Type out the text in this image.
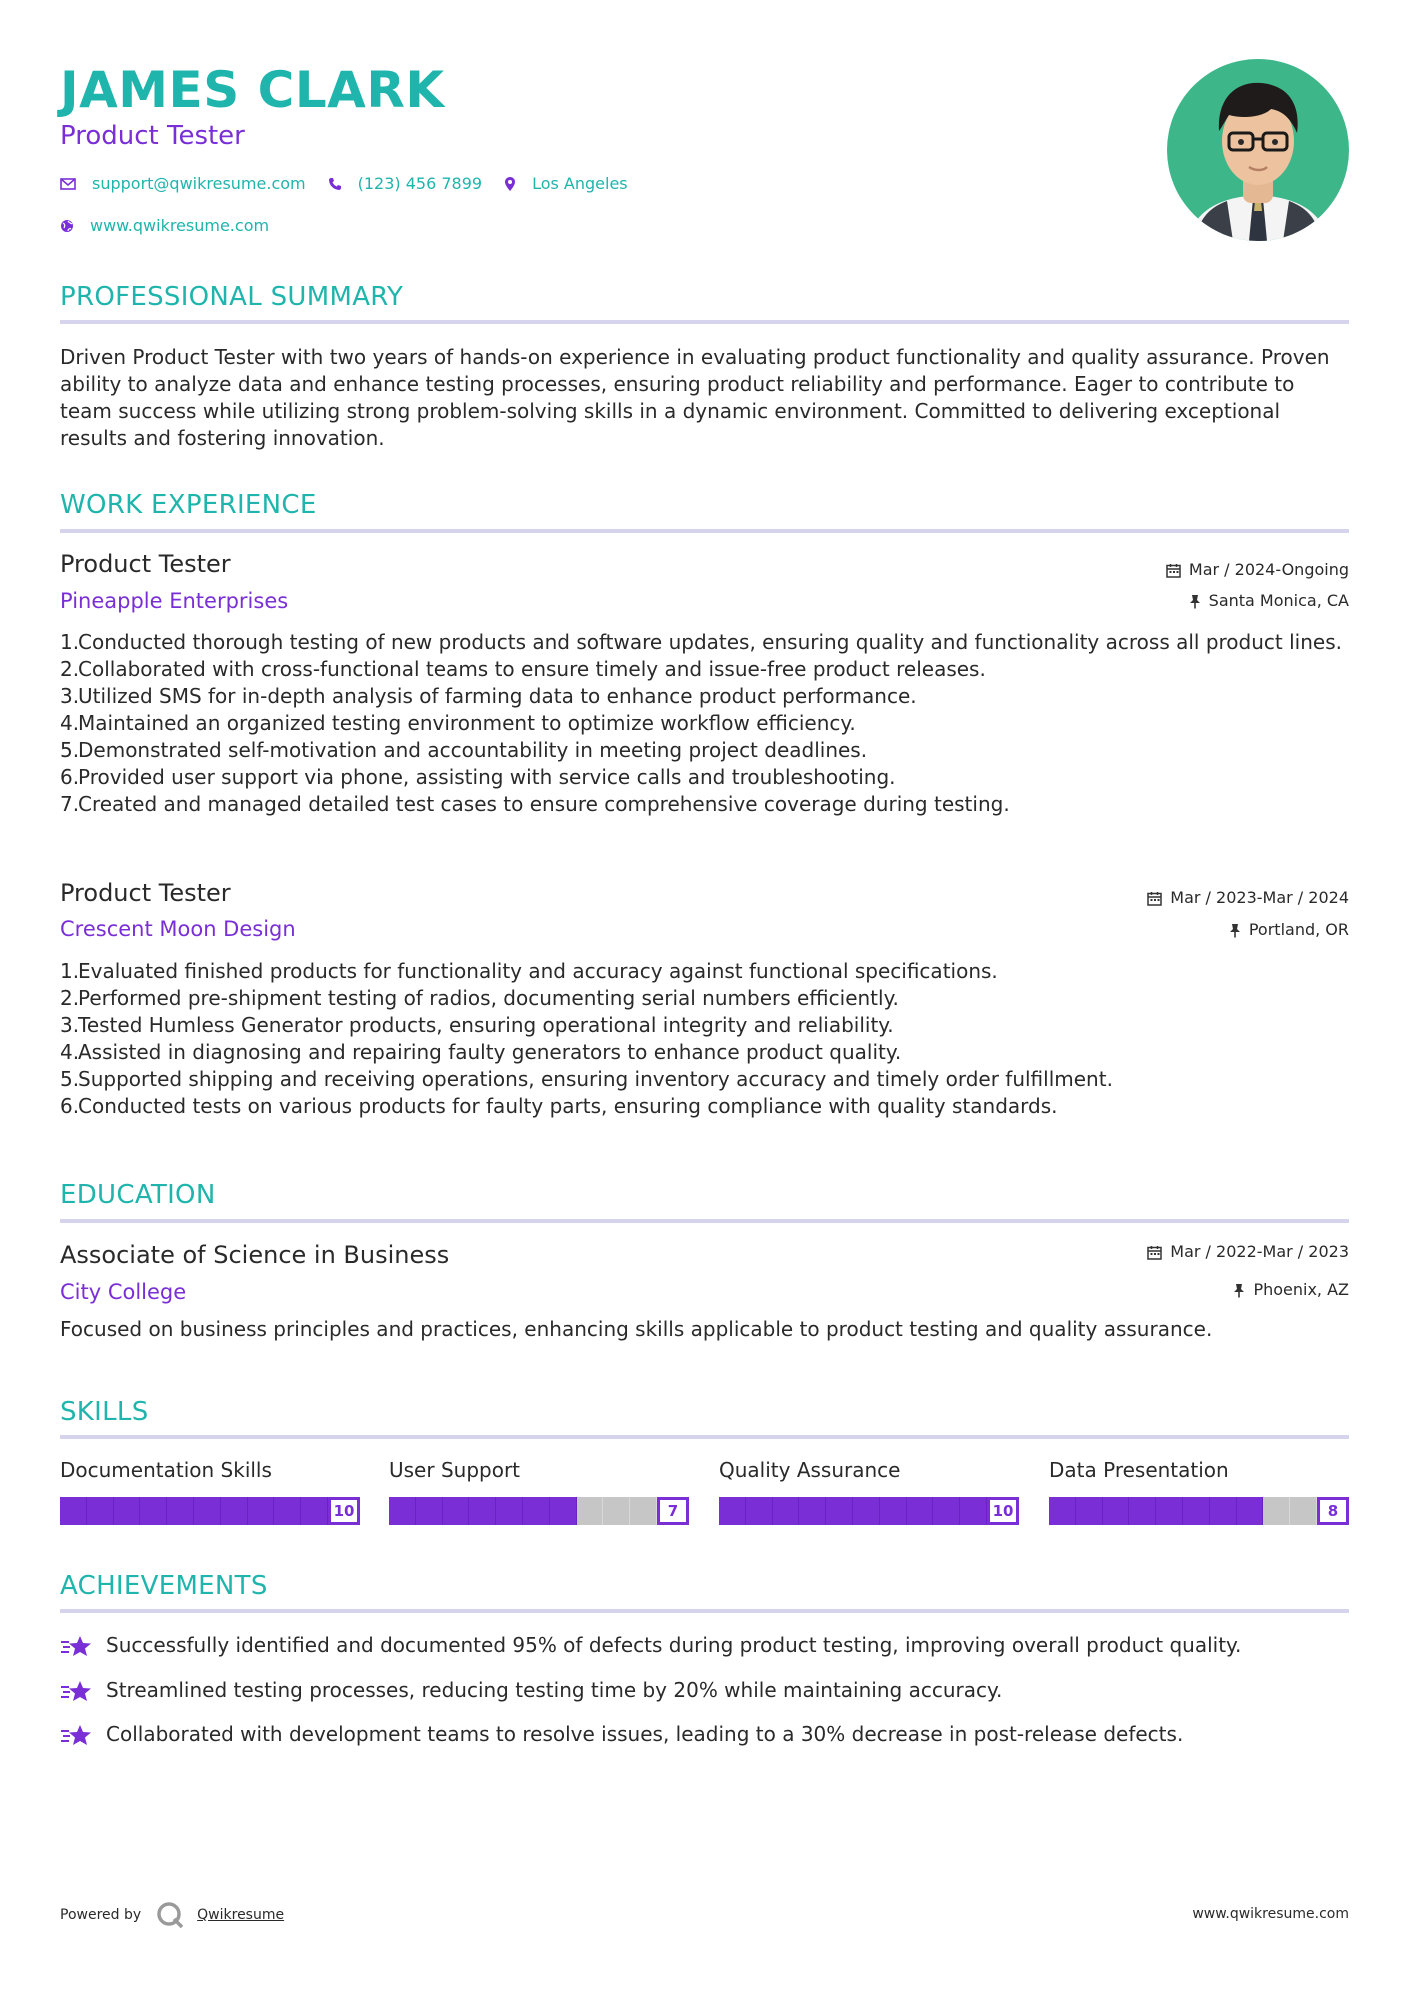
JAMES CLARK
Product Tester
support@qwikresume.com	(123) 456 7899	Los Angeles
www.qwikresume.com
PROFESSIONAL SUMMARY
Driven Product Tester with two years of hands-on experience in evaluating product functionality and quality assurance. Proven ability to analyze data and enhance testing processes, ensuring product reliability and performance. Eager to contribute to team success while utilizing strong problem-solving skills in a dynamic environment. Committed to delivering exceptional results and fostering innovation.
WORK EXPERIENCE
Product Tester	Mar / 2024-Ongoing
Pineapple Enterprises	Santa Monica, CA
Conducted thorough testing of new products and software updates, ensuring quality and functionality across all product lines.
Collaborated with cross-functional teams to ensure timely and issue-free product releases.
Utilized SMS for in-depth analysis of farming data to enhance product performance.
Maintained an organized testing environment to optimize workflow efficiency.
Demonstrated self-motivation and accountability in meeting project deadlines.
Provided user support via phone, assisting with service calls and troubleshooting.
Created and managed detailed test cases to ensure comprehensive coverage during testing.
Product Tester	Mar / 2023-Mar / 2024
Crescent Moon Design	Portland, OR
Evaluated finished products for functionality and accuracy against functional specifications.
Performed pre-shipment testing of radios, documenting serial numbers efficiently.
Tested Humless Generator products, ensuring operational integrity and reliability.
Assisted in diagnosing and repairing faulty generators to enhance product quality.
Supported shipping and receiving operations, ensuring inventory accuracy and timely order fulfillment.
Conducted tests on various products for faulty parts, ensuring compliance with quality standards.
EDUCATION
Associate of Science in Business	Mar / 2022-Mar / 2023
City College	Phoenix, AZ
Focused on business principles and practices, enhancing skills applicable to product testing and quality assurance.
SKILLS
Documentation Skills
10
User Support
7
Quality Assurance
10
Data Presentation
8
ACHIEVEMENTS
Successfully identified and documented 95% of defects during product testing, improving overall product quality.
Streamlined testing processes, reducing testing time by 20% while maintaining accuracy.
Collaborated with development teams to resolve issues, leading to a 30% decrease in post-release defects.
Powered by	Qwikresume	www.qwikresume.com
